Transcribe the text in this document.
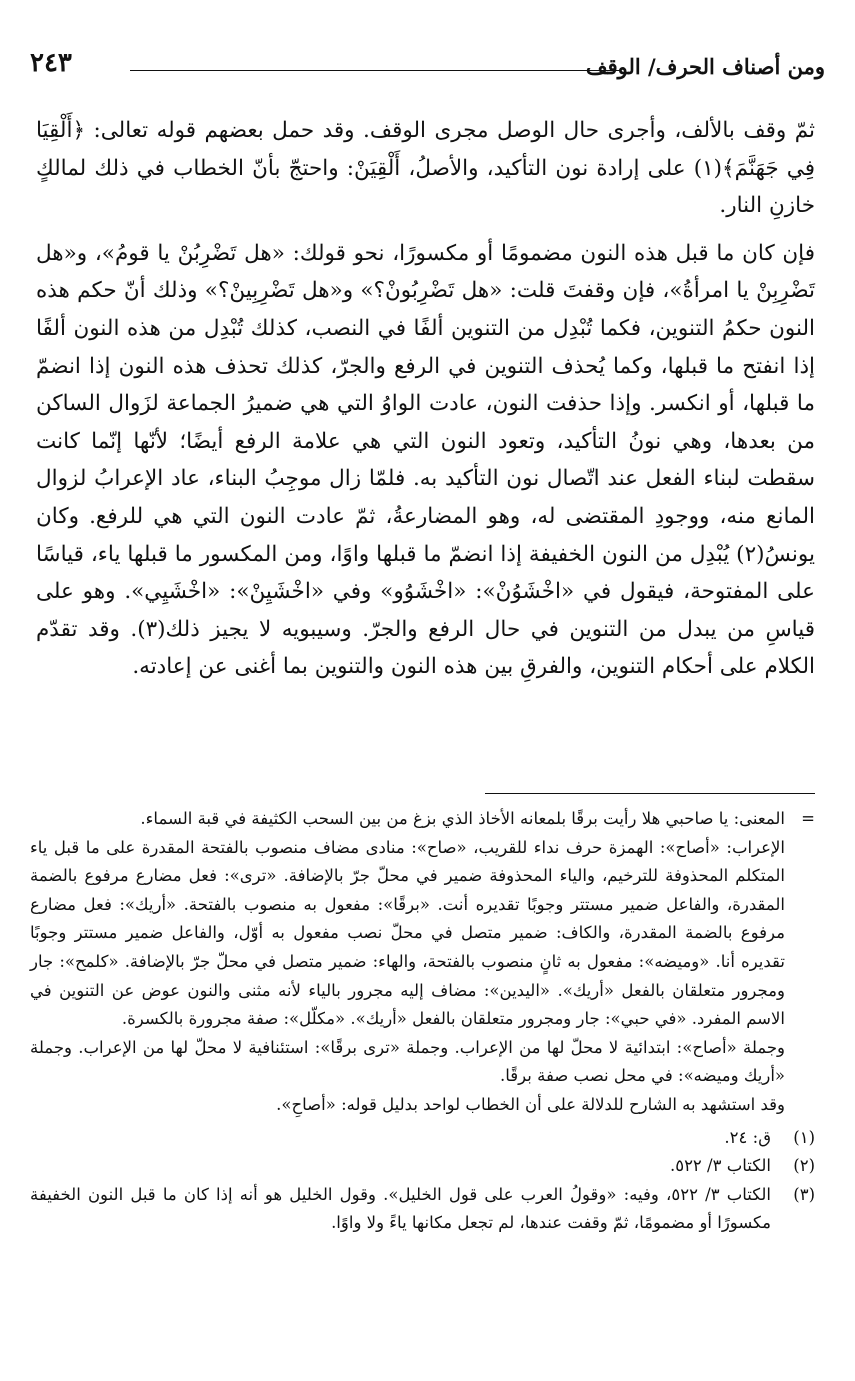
ومن أصناف الحرف/ الوقف
٢٤٣

ثمّ وقف بالألف، وأجرى حال الوصل مجرى الوقف. وقد حمل بعضهم قوله تعالى: ﴿أَلْقِيَا فِي جَهَنَّمَ﴾(١) على إرادة نون التأكيد، والأصلُ، أَلْقِيَنْ: واحتجّ بأنّ الخطاب في ذلك لمالكٍ خازنِ النار.

فإن كان ما قبل هذه النون مضمومًا أو مكسورًا، نحو قولك: «هل تَضْرِبُنْ يا قومُ»، و«هل تَضْرِبِنْ يا امرأةُ»، فإن وقفتَ قلت: «هل تَضْرِبُونْ؟» و«هل تَضْرِبِينْ؟» وذلك أنّ حكم هذه النون حكمُ التنوين، فكما تُبْدِل من التنوين ألفًا في النصب، كذلك تُبْدِل من هذه النون ألفًا إذا انفتح ما قبلها، وكما يُحذف التنوين في الرفع والجرّ، كذلك تحذف هذه النون إذا انضمّ ما قبلها، أو انكسر. وإذا حذفت النون، عادت الواوُ التي هي ضميرُ الجماعة لزَوال الساكن من بعدها، وهي نونُ التأكيد، وتعود النون التي هي علامة الرفع أيضًا؛ لأنّها إنّما كانت سقطت لبناء الفعل عند اتّصال نون التأكيد به. فلمّا زال موجِبُ البناء، عاد الإعرابُ لزوال المانع منه، ووجودِ المقتضى له، وهو المضارعةُ، ثمّ عادت النون التي هي للرفع. وكان يونسُ(٢) يُبْدِل من النون الخفيفة إذا انضمّ ما قبلها واوًا، ومن المكسور ما قبلها ياء، قياسًا على المفتوحة، فيقول في «اخْشَوُنْ»: «اخْشَوُو» وفي «اخْشَيِنْ»: «اخْشَيِي». وهو على قياسِ من يبدل من التنوين في حال الرفع والجرّ. وسيبويه لا يجيز ذلك(٣). وقد تقدّم الكلام على أحكام التنوين، والفرقِ بين هذه النون والتنوين بما أغنى عن إعادته.

=

المعنى: يا صاحبي هلا رأيت برقًا بلمعانه الأخاذ الذي بزغ من بين السحب الكثيفة في قبة السماء.

الإعراب: «أصاح»: الهمزة حرف نداء للقريب، «صاح»: منادى مضاف منصوب بالفتحة المقدرة على ما قبل ياء المتكلم المحذوفة للترخيم، والياء المحذوفة ضمير في محلّ جرّ بالإضافة. «ترى»: فعل مضارع مرفوع بالضمة المقدرة، والفاعل ضمير مستتر وجوبًا تقديره أنت. «برقًا»: مفعول به منصوب بالفتحة. «أريك»: فعل مضارع مرفوع بالضمة المقدرة، والكاف: ضمير متصل في محلّ نصب مفعول به أوّل، والفاعل ضمير مستتر وجوبًا تقديره أنا. «وميضه»: مفعول به ثانٍ منصوب بالفتحة، والهاء: ضمير متصل في محلّ جرّ بالإضافة. «كلمح»: جار ومجرور متعلقان بالفعل «أريك». «اليدين»: مضاف إليه مجرور بالياء لأنه مثنى والنون عوض عن التنوين في الاسم المفرد. «في حبي»: جار ومجرور متعلقان بالفعل «أريك». «مكلّل»: صفة مجرورة بالكسرة.

وجملة «أصاح»: ابتدائية لا محلّ لها من الإعراب. وجملة «ترى برقًا»: استئنافية لا محلّ لها من الإعراب. وجملة «أريك وميضه»: في محل نصب صفة برقًا.

وقد استشهد به الشارح للدلالة على أن الخطاب لواحد بدليل قوله: «أصاحِ».

(١)
ق: ٢٤.
(٢)
الكتاب ٣/ ٥٢٢.
(٣)
الكتاب ٣/ ٥٢٢، وفيه: «وقولُ العرب على قول الخليل». وقول الخليل هو أنه إذا كان ما قبل النون الخفيفة مكسورًا أو مضمومًا، ثمّ وقفت عندها، لم تجعل مكانها ياءً ولا واوًا.
